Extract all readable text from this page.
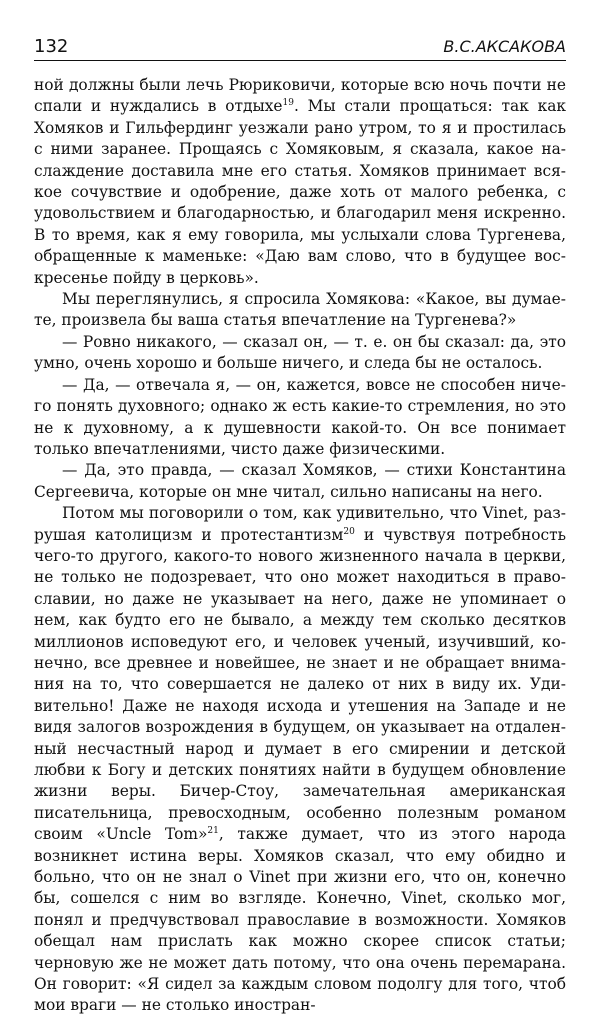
132	В.С.АКСАКОВА

ной должны были лечь Рюриковичи, которые всю ночь почти не спали и нуждались в отдыхе$^{19}$. Мы стали прощаться: так как Хомяков и Гильфердинг уезжали рано утром, то я и простилась с ними заранее. Прощаясь с Хомяковым, я сказала, какое наслаждение доставила мне его статья. Хомяков принимает всякое сочувствие и одобрение, даже хоть от малого ребенка, с удовольствием и благодарностью, и благодарил меня искренно. В то время, как я ему говорила, мы услыхали слова Тургенева, обращенные к маменьке: «Даю вам слово, что в будущее воскресенье пойду в церковь».

Мы переглянулись, я спросила Хомякова: «Какое, вы думаете, произвела бы ваша статья впечатление на Тургенева?»

— Ровно никакого, — сказал он, — т. е. он бы сказал: да, это умно, очень хорошо и больше ничего, и следа бы не осталось.

— Да, — отвечала я, — он, кажется, вовсе не способен ничего понять духовного; однако ж есть какие-то стремления, но это не к духовному, а к душевности какой-то. Он все понимает только впечатлениями, чисто даже физическими.

— Да, это правда, — сказал Хомяков, — стихи Константина Сергеевича, которые он мне читал, сильно написаны на него.

Потом мы поговорили о том, как удивительно, что Vinet, разрушая католицизм и протестантизм$^{20}$ и чувствуя потребность чего-то другого, какого-то нового жизненного начала в церкви, не только не подозревает, что оно может находиться в православии, но даже не указывает на него, даже не упоминает о нем, как будто его не бывало, а между тем сколько десятков миллионов исповедуют его, и человек ученый, изучивший, конечно, все древнее и новейшее, не знает и не обращает внимания на то, что совершается не далеко от них в виду их. Удивительно! Даже не находя исхода и утешения на Западе и не видя залогов возрождения в будущем, он указывает на отдаленный несчастный народ и думает в его смирении и детской любви к Богу и детских понятиях найти в будущем обновление жизни веры. Бичер-Стоу, замечательная американская писательница, превосходным, особенно полезным романом своим «Uncle Tom»$^{21}$, также думает, что из этого народа возникнет истина веры. Хомяков сказал, что ему обидно и больно, что он не знал о Vinet при жизни его, что он, конечно бы, сошелся с ним во взгляде. Конечно, Vinet, сколько мог, понял и предчувствовал православие в возможности. Хомяков обещал нам прислать как можно скорее список статьи; черновую же не может дать потому, что она очень перемарана. Он говорит: «Я сидел за каждым словом подолгу для того, чтоб мои враги — не столько иностран-
